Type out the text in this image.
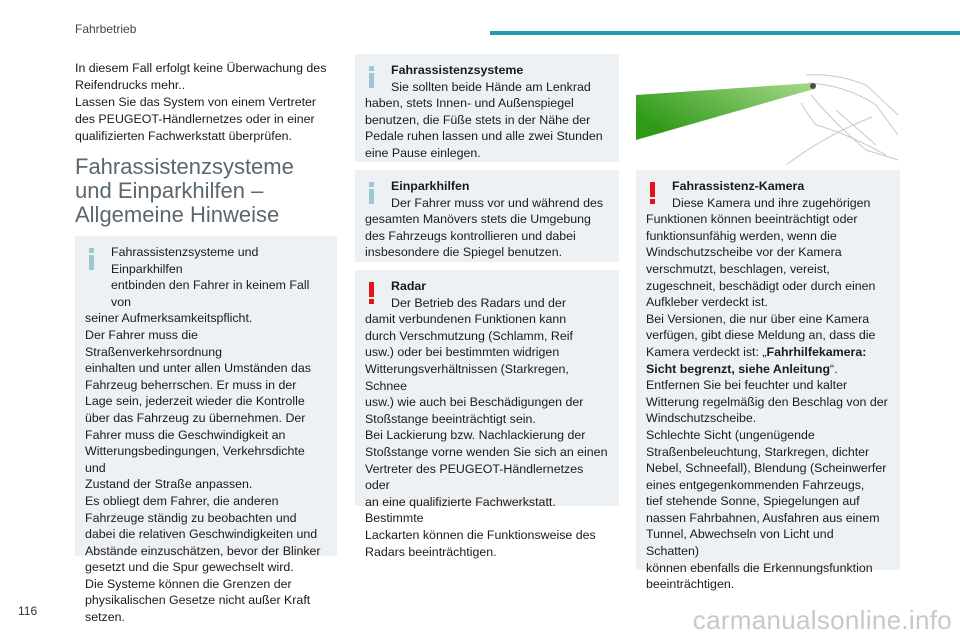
Fahrbetrieb
In diesem Fall erfolgt keine Überwachung des
Reifendrucks mehr..
Lassen Sie das System von einem Vertreter
des PEUGEOT-Händlernetzes oder in einer
qualifizierten Fachwerkstatt überprüfen.
Fahrassistenzsysteme
und Einparkhilfen –
Allgemeine Hinweise
Fahrassistenzsysteme und Einparkhilfen
entbinden den Fahrer in keinem Fall von
seiner Aufmerksamkeitspflicht.
Der Fahrer muss die Straßenverkehrsordnung
einhalten und unter allen Umständen das
Fahrzeug beherrschen. Er muss in der
Lage sein, jederzeit wieder die Kontrolle
über das Fahrzeug zu übernehmen. Der
Fahrer muss die Geschwindigkeit an
Witterungsbedingungen, Verkehrsdichte und
Zustand der Straße anpassen.
Es obliegt dem Fahrer, die anderen
Fahrzeuge ständig zu beobachten und
dabei die relativen Geschwindigkeiten und
Abstände einzuschätzen, bevor der Blinker
gesetzt und die Spur gewechselt wird.
Die Systeme können die Grenzen der
physikalischen Gesetze nicht außer Kraft
setzen.
Fahrassistenzsysteme
Sie sollten beide Hände am Lenkrad
haben, stets Innen- und Außenspiegel
benutzen, die Füße stets in der Nähe der
Pedale ruhen lassen und alle zwei Stunden
eine Pause einlegen.
Einparkhilfen
Der Fahrer muss vor und während des
gesamten Manövers stets die Umgebung
des Fahrzeugs kontrollieren und dabei
insbesondere die Spiegel benutzen.
Radar
Der Betrieb des Radars und der
damit verbundenen Funktionen kann
durch Verschmutzung (Schlamm, Reif
usw.) oder bei bestimmten widrigen
Witterungsverhältnissen (Starkregen, Schnee
usw.) wie auch bei Beschädigungen der
Stoßstange beeinträchtigt sein.
Bei Lackierung bzw. Nachlackierung der
Stoßstange vorne wenden Sie sich an einen
Vertreter des PEUGEOT-Händlernetzes oder
an eine qualifizierte Fachwerkstatt. Bestimmte
Lackarten können die Funktionsweise des
Radars beeinträchtigen.
Fahrassistenz-Kamera
Diese Kamera und ihre zugehörigen
Funktionen können beeinträchtigt oder
funktionsunfähig werden, wenn die
Windschutzscheibe vor der Kamera
verschmutzt, beschlagen, vereist,
zugeschneit, beschädigt oder durch einen
Aufkleber verdeckt ist.
Bei Versionen, die nur über eine Kamera
verfügen, gibt diese Meldung an, dass die
Kamera verdeckt ist: „Fahrhilfekamera:
Sicht begrenzt, siehe Anleitung“.
Entfernen Sie bei feuchter und kalter
Witterung regelmäßig den Beschlag von der
Windschutzscheibe.
Schlechte Sicht (ungenügende
Straßenbeleuchtung, Starkregen, dichter
Nebel, Schneefall), Blendung (Scheinwerfer
eines entgegenkommenden Fahrzeugs,
tief stehende Sonne, Spiegelungen auf
nassen Fahrbahnen, Ausfahren aus einem
Tunnel, Abwechseln von Licht und Schatten)
können ebenfalls die Erkennungsfunktion
beeinträchtigen.
116	carmanualsonline.info
